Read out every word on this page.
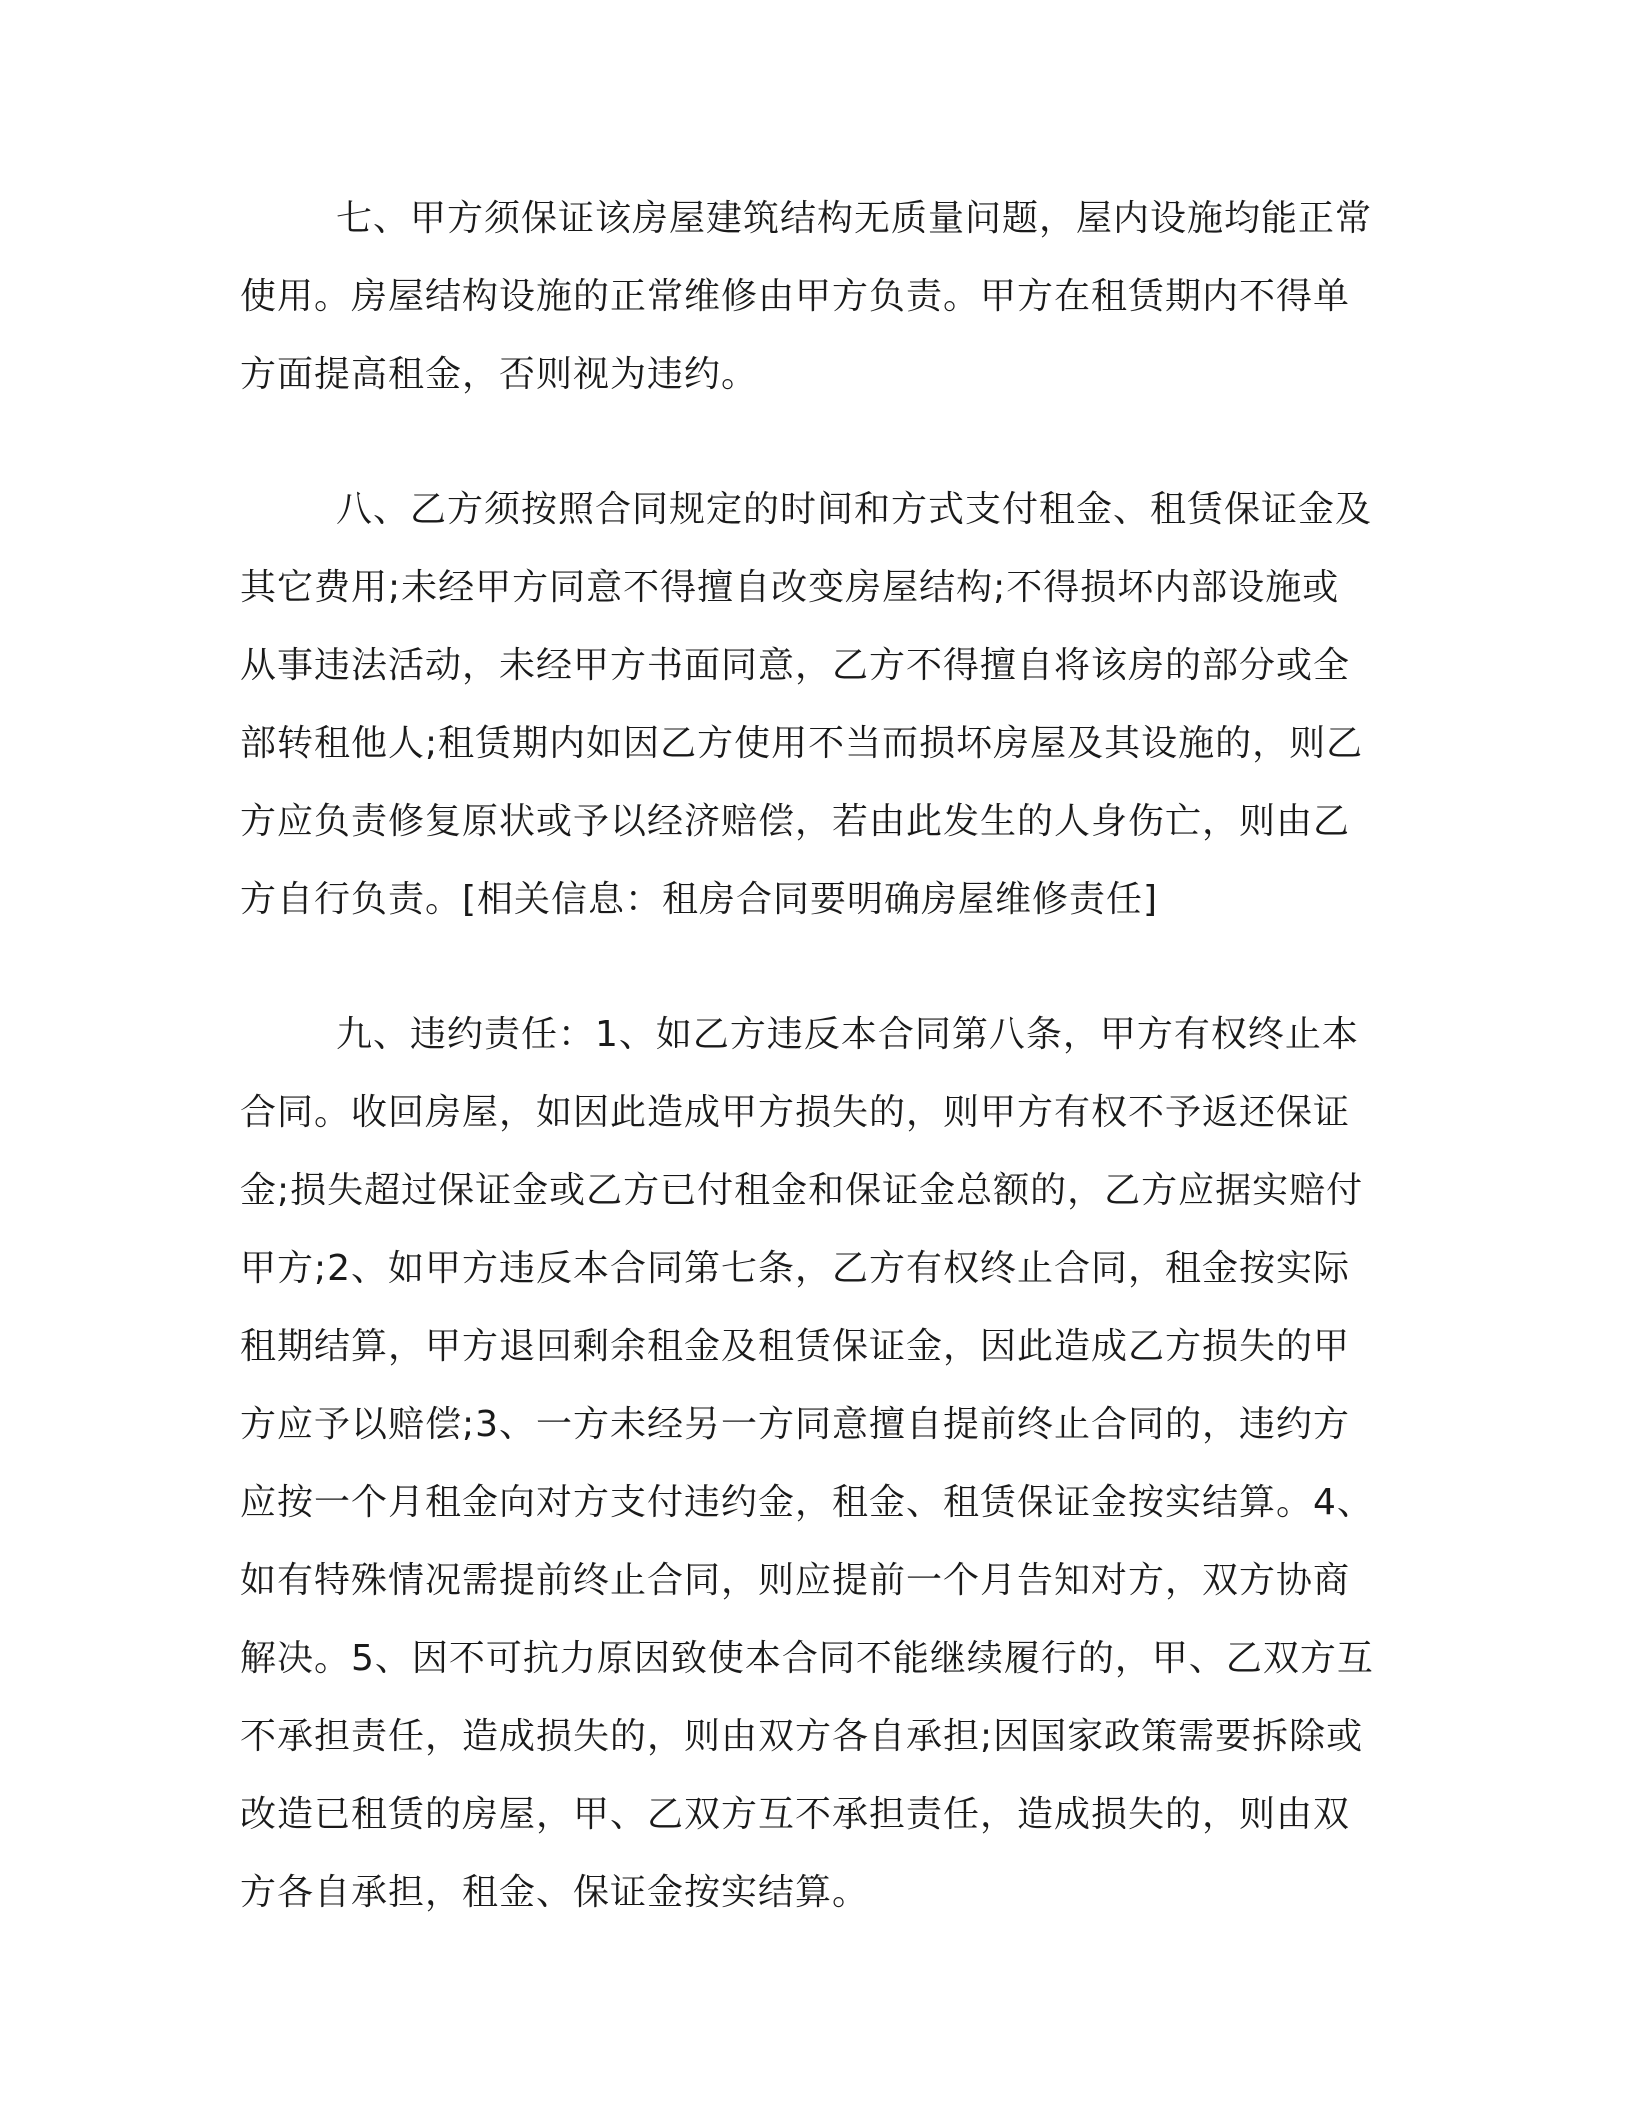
七、甲方须保证该房屋建筑结构无质量问题，屋内设施均能正常使用。房屋结构设施的正常维修由甲方负责。甲方在租赁期内不得单方面提高租金，否则视为违约。

八、乙方须按照合同规定的时间和方式支付租金、租赁保证金及其它费用;未经甲方同意不得擅自改变房屋结构;不得损坏内部设施或从事违法活动，未经甲方书面同意，乙方不得擅自将该房的部分或全部转租他人;租赁期内如因乙方使用不当而损坏房屋及其设施的，则乙方应负责修复原状或予以经济赔偿，若由此发生的人身伤亡，则由乙方自行负责。[相关信息：租房合同要明确房屋维修责任]

九、违约责任：1、如乙方违反本合同第八条，甲方有权终止本合同。收回房屋，如因此造成甲方损失的，则甲方有权不予返还保证金;损失超过保证金或乙方已付租金和保证金总额的，乙方应据实赔付甲方;2、如甲方违反本合同第七条，乙方有权终止合同，租金按实际租期结算，甲方退回剩余租金及租赁保证金，因此造成乙方损失的甲方应予以赔偿;3、一方未经另一方同意擅自提前终止合同的，违约方应按一个月租金向对方支付违约金，租金、租赁保证金按实结算。4、如有特殊情况需提前终止合同，则应提前一个月告知对方，双方协商解决。5、因不可抗力原因致使本合同不能继续履行的，甲、乙双方互不承担责任，造成损失的，则由双方各自承担;因国家政策需要拆除或改造已租赁的房屋，甲、乙双方互不承担责任，造成损失的，则由双方各自承担，租金、保证金按实结算。
